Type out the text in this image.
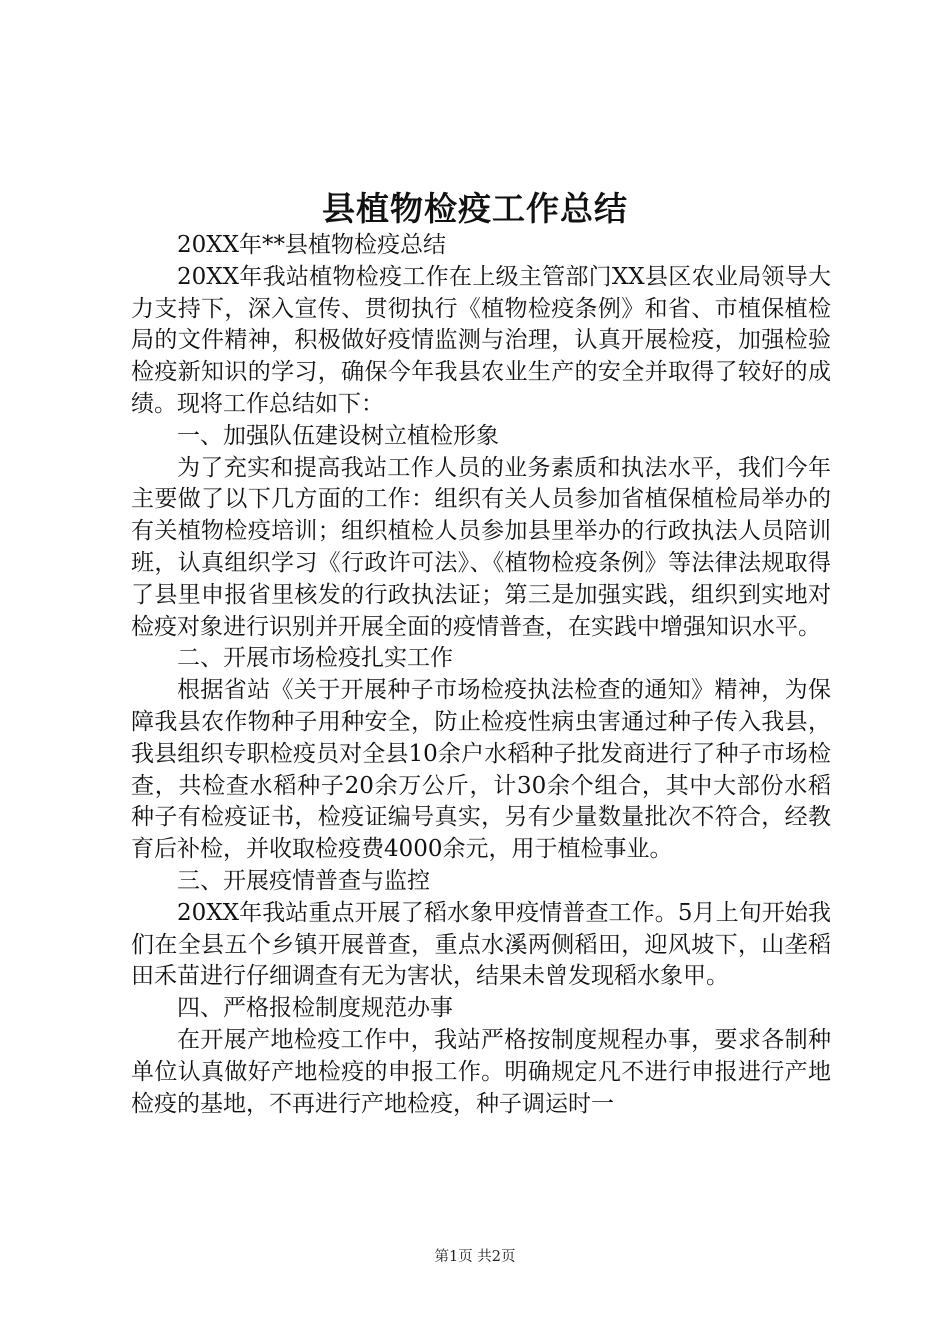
县植物检疫工作总结

20XX年**县植物检疫总结

20XX年我站植物检疫工作在上级主管部门XX县区农业局领导大力支持下，深入宣传、贯彻执行《植物检疫条例》和省、市植保植检局的文件精神，积极做好疫情监测与治理，认真开展检疫，加强检验检疫新知识的学习，确保今年我县农业生产的安全并取得了较好的成绩。现将工作总结如下：

一、加强队伍建设树立植检形象

为了充实和提高我站工作人员的业务素质和执法水平，我们今年主要做了以下几方面的工作：组织有关人员参加省植保植检局举办的有关植物检疫培训；组织植检人员参加县里举办的行政执法人员陪训班，认真组织学习《行政许可法》、《植物检疫条例》等法律法规取得了县里申报省里核发的行政执法证；第三是加强实践，组织到实地对检疫对象进行识别并开展全面的疫情普查，在实践中增强知识水平。

二、开展市场检疫扎实工作

根据省站《关于开展种子市场检疫执法检查的通知》精神，为保障我县农作物种子用种安全，防止检疫性病虫害通过种子传入我县，我县组织专职检疫员对全县10余户水稻种子批发商进行了种子市场检查，共检查水稻种子20余万公斤，计30余个组合，其中大部份水稻种子有检疫证书，检疫证编号真实，另有少量数量批次不符合，经教育后补检，并收取检疫费4000余元，用于植检事业。

三、开展疫情普查与监控

20XX年我站重点开展了稻水象甲疫情普查工作。5月上旬开始我们在全县五个乡镇开展普查，重点水溪两侧稻田，迎风坡下，山垄稻田禾苗进行仔细调查有无为害状，结果未曾发现稻水象甲。

四、严格报检制度规范办事

在开展产地检疫工作中，我站严格按制度规程办事，要求各制种单位认真做好产地检疫的申报工作。明确规定凡不进行申报进行产地检疫的基地，不再进行产地检疫，种子调运时一

第1页 共2页
